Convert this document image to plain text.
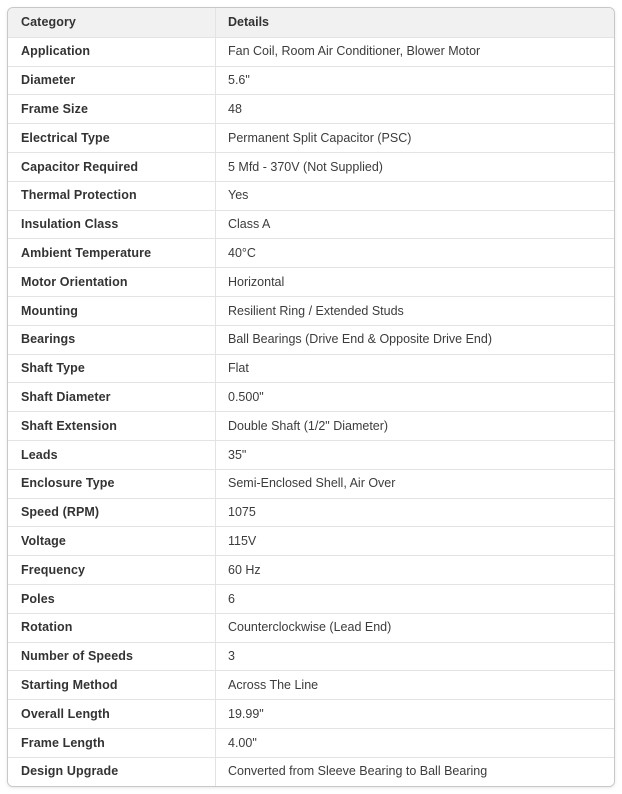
Category	Details
Application	Fan Coil, Room Air Conditioner, Blower Motor
Diameter	5.6"
Frame Size	48
Electrical Type	Permanent Split Capacitor (PSC)
Capacitor Required	5 Mfd - 370V (Not Supplied)
Thermal Protection	Yes
Insulation Class	Class A
Ambient Temperature	40°C
Motor Orientation	Horizontal
Mounting	Resilient Ring / Extended Studs
Bearings	Ball Bearings (Drive End & Opposite Drive End)
Shaft Type	Flat
Shaft Diameter	0.500"
Shaft Extension	Double Shaft (1/2" Diameter)
Leads	35"
Enclosure Type	Semi-Enclosed Shell, Air Over
Speed (RPM)	1075
Voltage	115V
Frequency	60 Hz
Poles	6
Rotation	Counterclockwise (Lead End)
Number of Speeds	3
Starting Method	Across The Line
Overall Length	19.99"
Frame Length	4.00"
Design Upgrade	Converted from Sleeve Bearing to Ball Bearing
